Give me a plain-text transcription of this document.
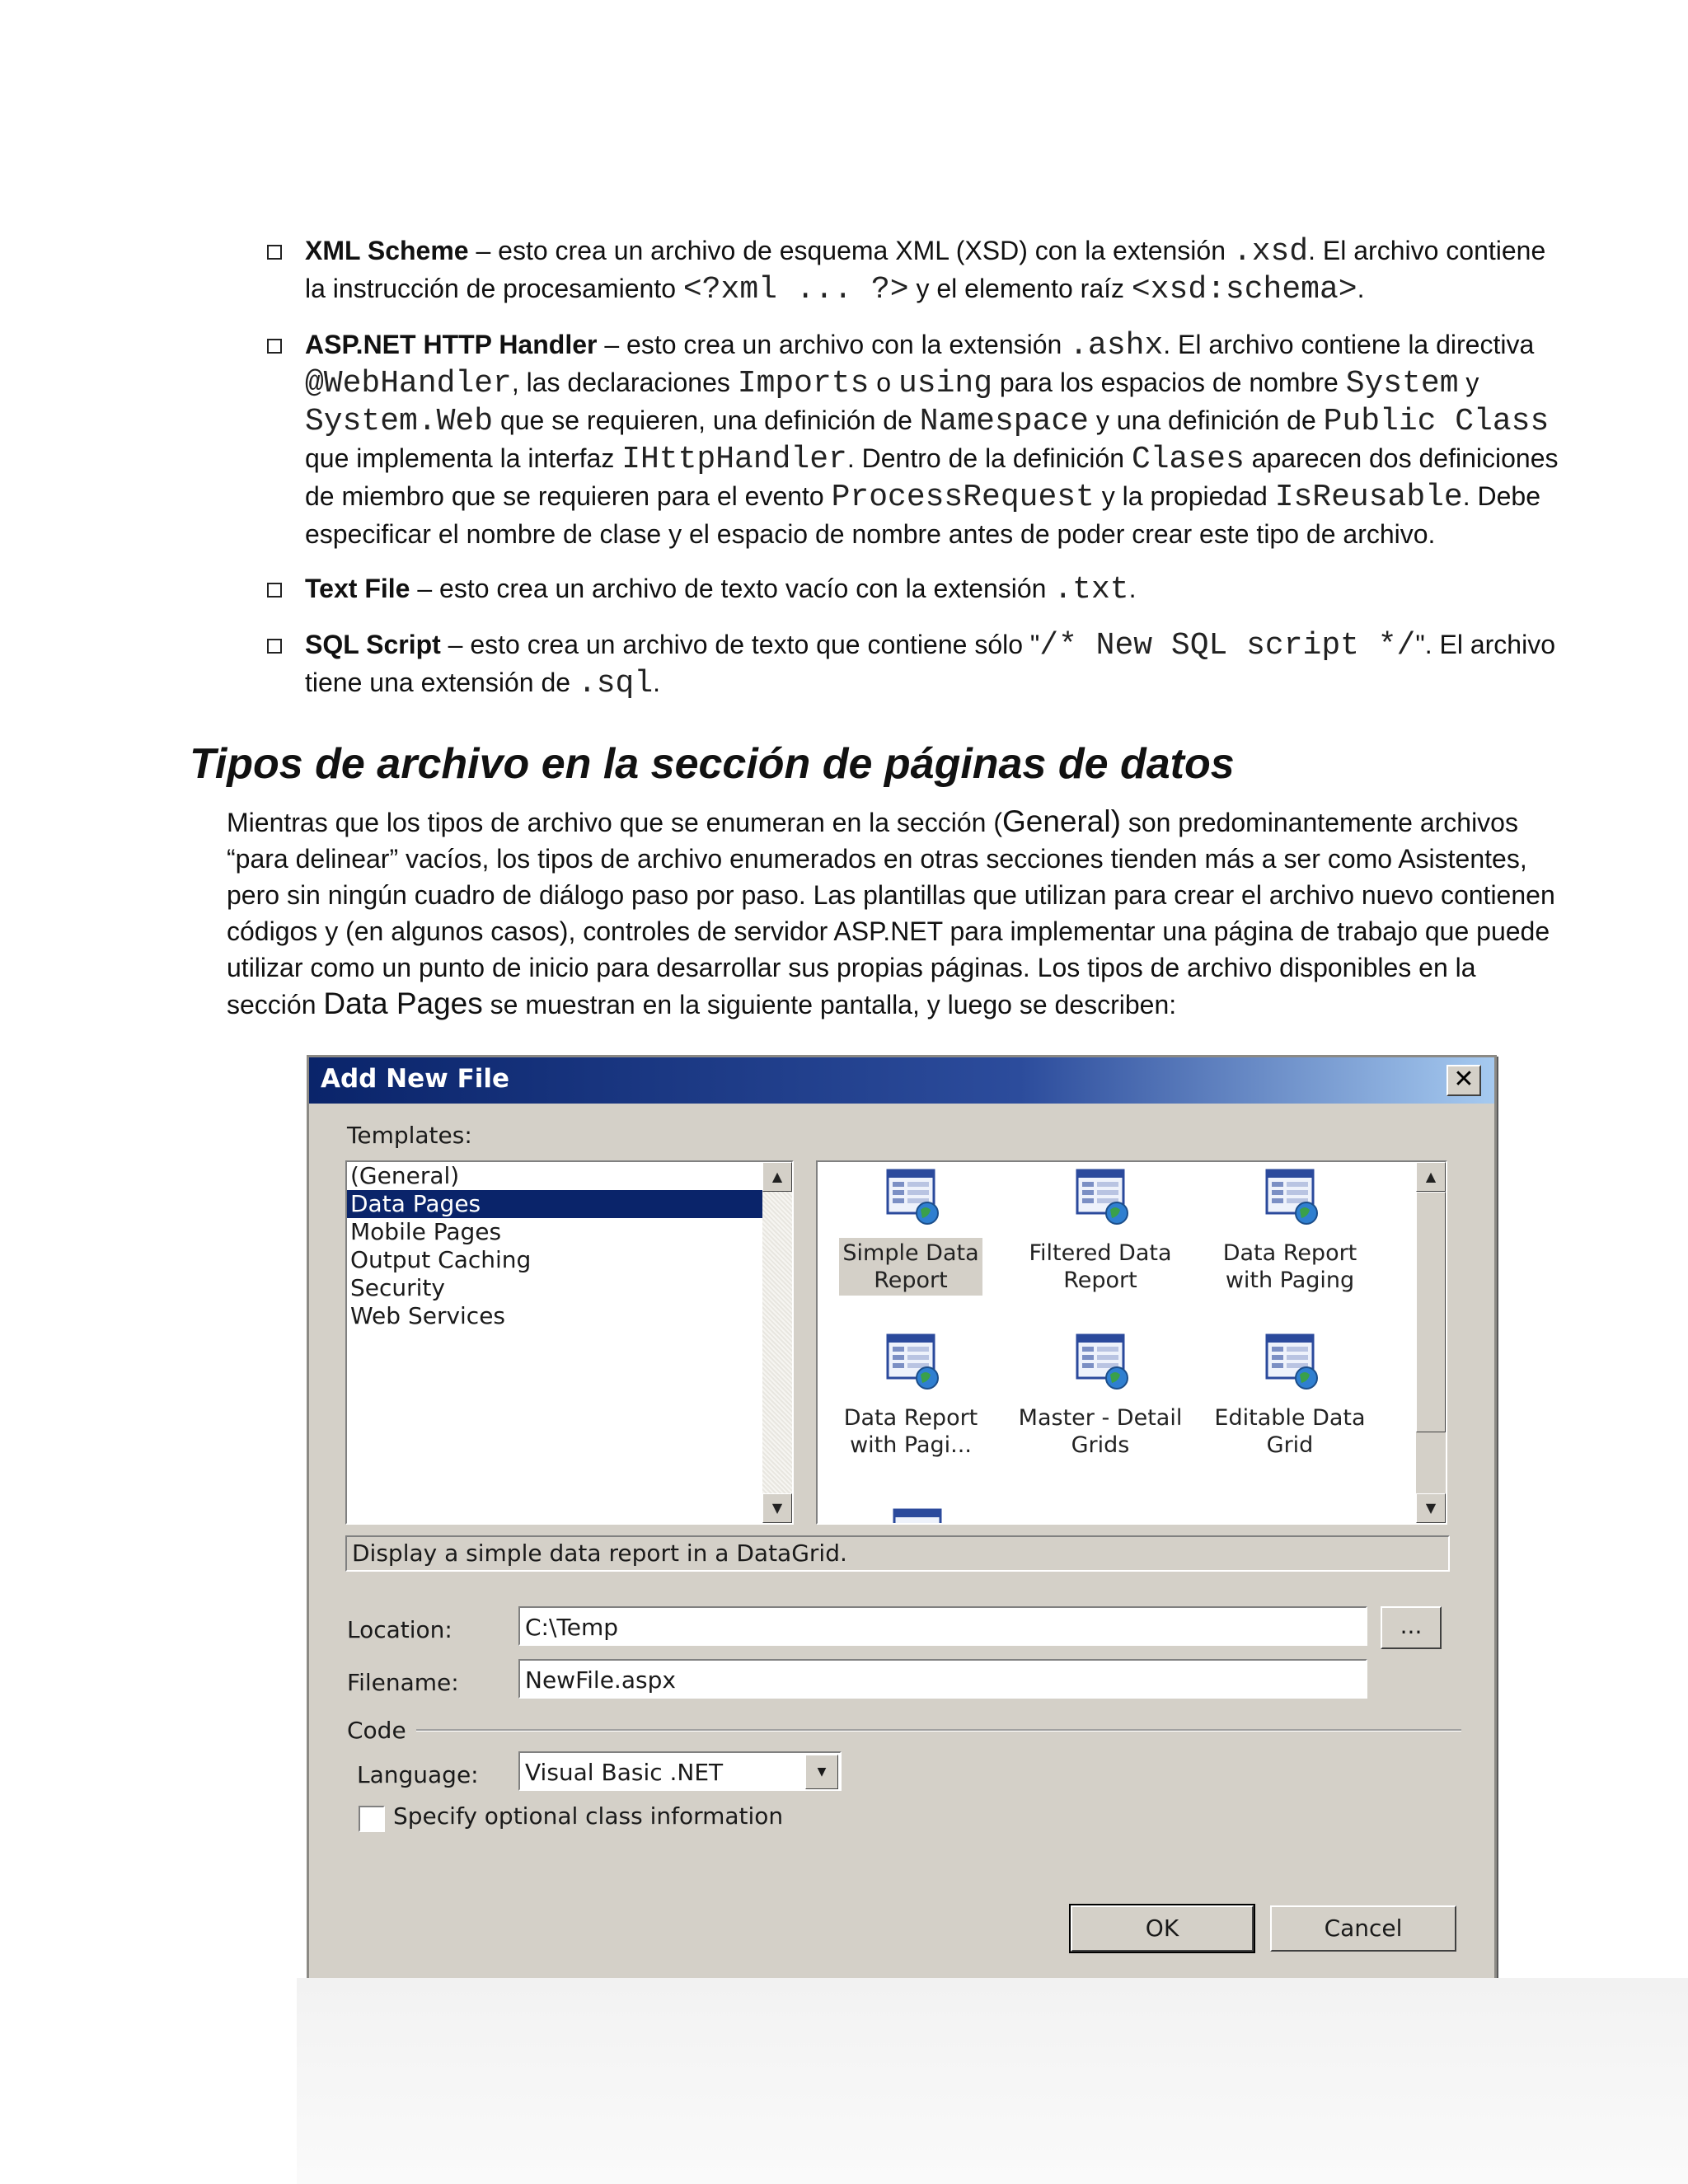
XML Scheme – esto crea un archivo de esquema XML (XSD) con la extensión .xsd. El archivo contiene la instrucción de procesamiento <?xml ... ?> y el elemento raíz <xsd:schema>.
ASP.NET HTTP Handler – esto crea un archivo con la extensión .ashx. El archivo contiene la directiva @WebHandler, las declaraciones Imports o using para los espacios de nombre System y System.Web que se requieren, una definición de Namespace y una definición de Public Class que implementa la interfaz IHttpHandler. Dentro de la definición Clases aparecen dos definiciones de miembro que se requieren para el evento ProcessRequest y la propiedad IsReusable. Debe especificar el nombre de clase y el espacio de nombre antes de poder crear este tipo de archivo.
Text File – esto crea un archivo de texto vacío con la extensión .txt.
SQL Script – esto crea un archivo de texto que contiene sólo "/* New SQL script */". El archivo tiene una extensión de .sql.
Tipos de archivo en la sección de páginas de datos

Mientras que los tipos de archivo que se enumeran en la sección (General) son predominantemente archivos “para delinear” vacíos, los tipos de archivo enumerados en otras secciones tienden más a ser como Asistentes, pero sin ningún cuadro de diálogo paso por paso. Las plantillas que utilizan para crear el archivo nuevo contienen códigos y (en algunos casos), controles de servidor ASP.NET para implementar una página de trabajo que puede utilizar como un punto de inicio para desarrollar sus propias páginas. Los tipos de archivo disponibles en la sección Data Pages se muestran en la siguiente pantalla, y luego se describen:

Add New File	✕
Templates:
(General)
Data Pages
Mobile Pages
Output Caching
Security
Web Services
▲
▼
Simple Data
Report
Filtered Data
Report
Data Report
with Paging
Data Report
with Pagi...
Master - Detail
Grids
Editable Data
Grid
▲
▼
Display a simple data report in a DataGrid.
Location:	C:\Temp	...
Filename:	NewFile.aspx
Code
Language: Visual Basic .NET	▼
Specify optional class information
OK	Cancel
